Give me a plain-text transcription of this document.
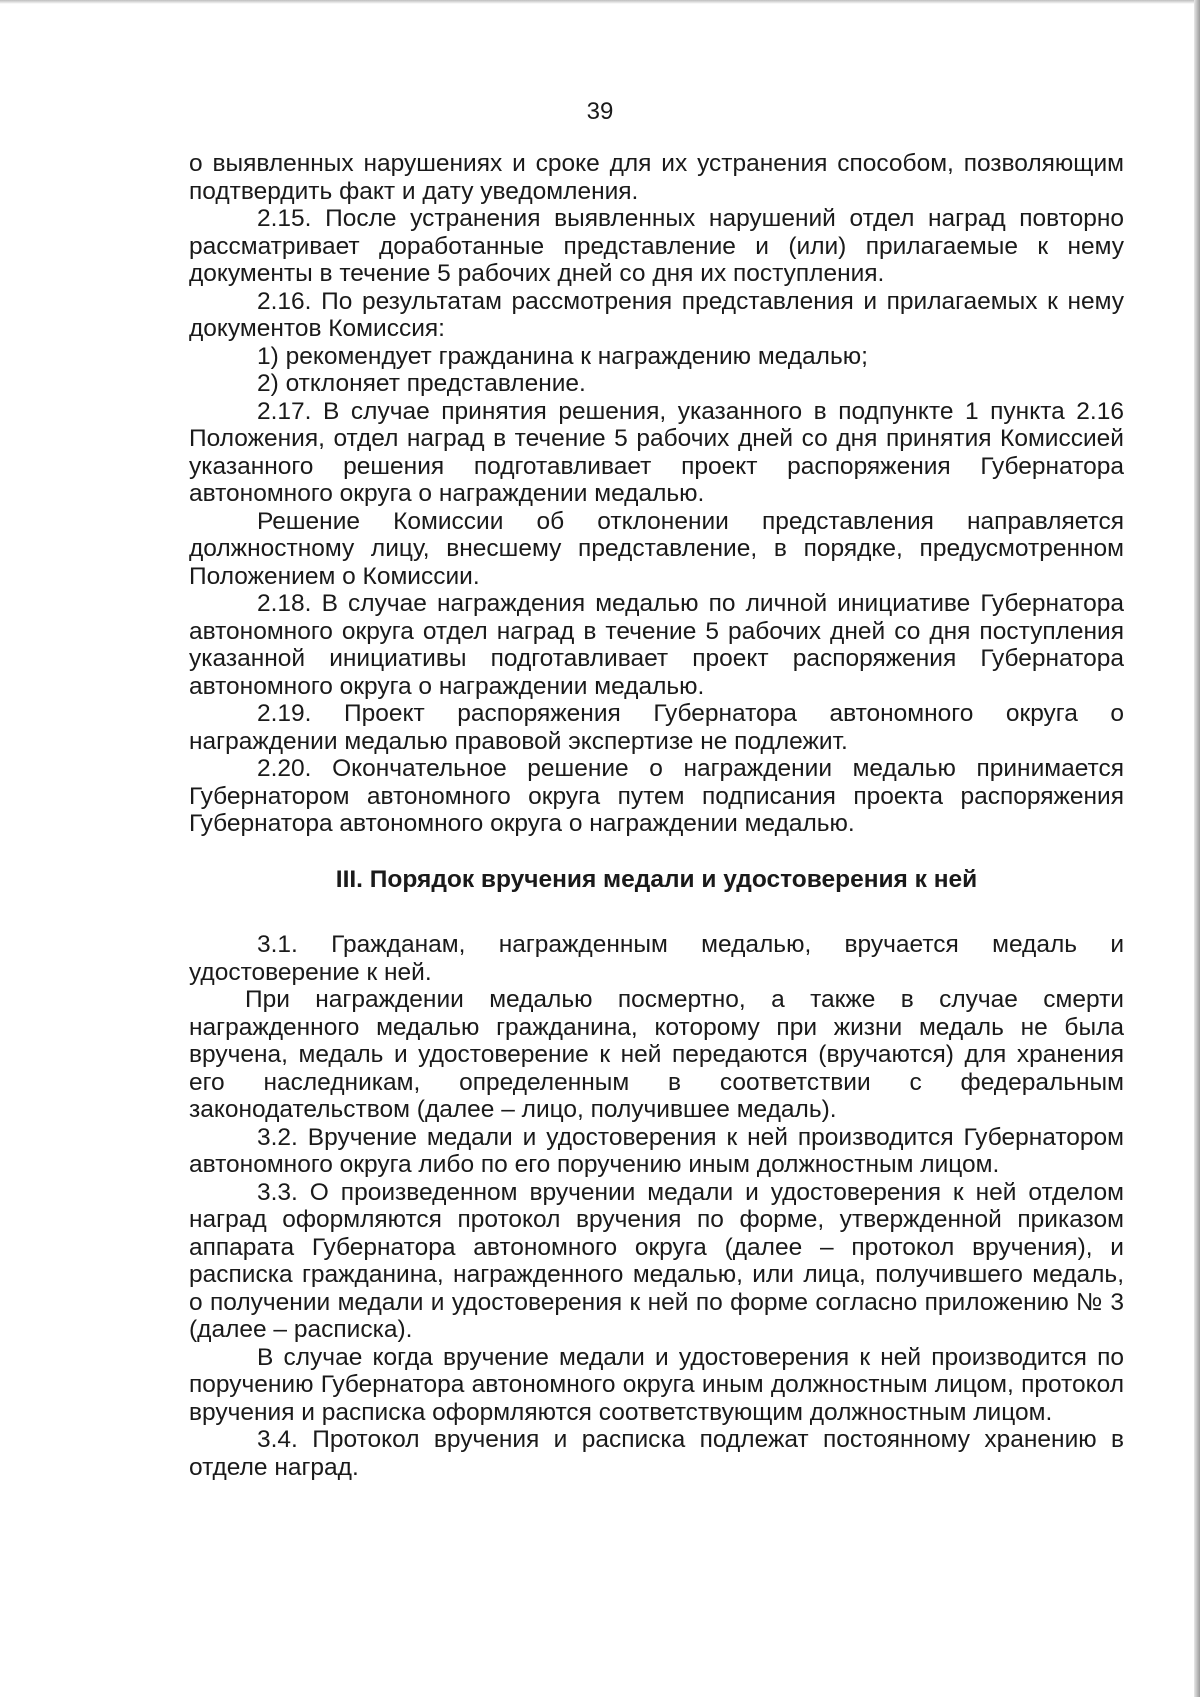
39

о выявленных нарушениях и сроке для их устранения способом, позволяющим подтвердить факт и дату уведомления.

2.15. После устранения выявленных нарушений отдел наград повторно рассматривает доработанные представление и (или) прилагаемые к нему документы в течение 5 рабочих дней со дня их поступления.

2.16. По результатам рассмотрения представления и прилагаемых к нему документов Комиссия:

1) рекомендует гражданина к награждению медалью;

2) отклоняет представление.

2.17. В случае принятия решения, указанного в подпункте 1 пункта 2.16 Положения, отдел наград в течение 5 рабочих дней со дня принятия Комиссией указанного решения подготавливает проект распоряжения Губернатора автономного округа о награждении медалью.

Решение Комиссии об отклонении представления направляется должностному лицу, внесшему представление, в порядке, предусмотренном Положением о Комиссии.

2.18. В случае награждения медалью по личной инициативе Губернатора автономного округа отдел наград в течение 5 рабочих дней со дня поступления указанной инициативы подготавливает проект распоряжения Губернатора автономного округа о награждении медалью.

2.19. Проект распоряжения Губернатора автономного округа о награждении медалью правовой экспертизе не подлежит.

2.20. Окончательное решение о награждении медалью принимается Губернатором автономного округа путем подписания проекта распоряжения Губернатора автономного округа о награждении медалью.

III. Порядок вручения медали и удостоверения к ней

3.1. Гражданам, награжденным медалью, вручается медаль и удостоверение к ней.

При награждении медалью посмертно, а также в случае смерти награжденного медалью гражданина, которому при жизни медаль не была вручена, медаль и удостоверение к ней передаются (вручаются) для хранения его наследникам, определенным в соответствии с федеральным законодательством (далее – лицо, получившее медаль).

3.2. Вручение медали и удостоверения к ней производится Губернатором автономного округа либо по его поручению иным должностным лицом.

3.3. О произведенном вручении медали и удостоверения к ней отделом наград оформляются протокол вручения по форме, утвержденной приказом аппарата Губернатора автономного округа (далее – протокол вручения), и расписка гражданина, награжденного медалью, или лица, получившего медаль, о получении медали и удостоверения к ней по форме согласно приложению № 3 (далее – расписка).

В случае когда вручение медали и удостоверения к ней производится по поручению Губернатора автономного округа иным должностным лицом, протокол вручения и расписка оформляются соответствующим должностным лицом.

3.4. Протокол вручения и расписка подлежат постоянному хранению в отделе наград.
